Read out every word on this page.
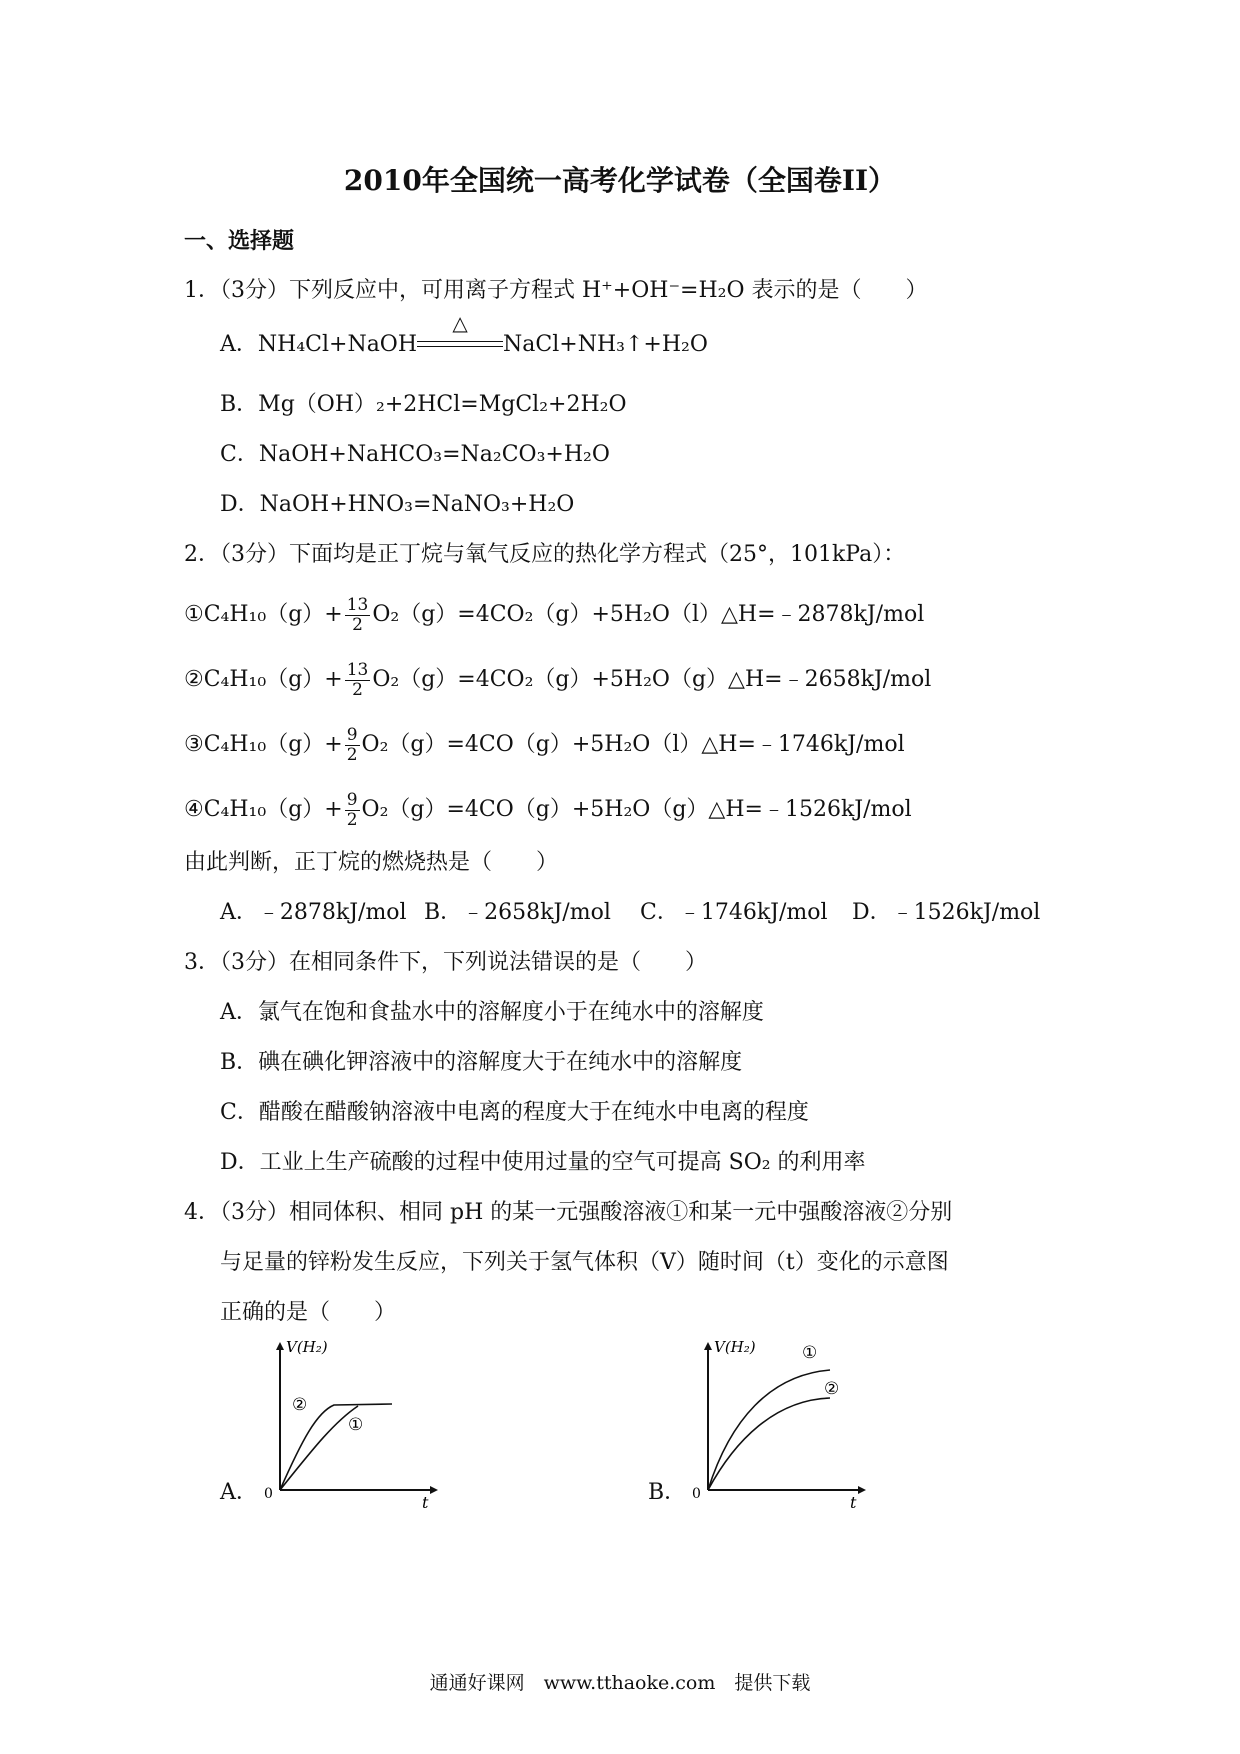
2010年全国统一高考化学试卷（全国卷II）
一、选择题
1．（3分）下列反应中，可用离子方程式 H⁺+OH⁻=H₂O 表示的是（　　）
A．NH₄Cl+NaOH
△
NaCl+NH₃↑+H₂O
B．Mg（OH）₂+2HCl=MgCl₂+2H₂O
C．NaOH+NaHCO₃=Na₂CO₃+H₂O
D．NaOH+HNO₃=NaNO₃+H₂O
2．（3分）下面均是正丁烷与氧气反应的热化学方程式（25°，101kPa）：
①C₄H₁₀（g）+ $\frac{13}{2}$ O₂（g）=4CO₂（g）+5H₂O（l）△H=﹣2878kJ/mol
②C₄H₁₀（g）+ $\frac{13}{2}$ O₂（g）=4CO₂（g）+5H₂O（g）△H=﹣2658kJ/mol
③C₄H₁₀（g）+ $\frac{9}{2}$ O₂（g）=4CO（g）+5H₂O（l）△H=﹣1746kJ/mol
④C₄H₁₀（g）+ $\frac{9}{2}$ O₂（g）=4CO（g）+5H₂O（g）△H=﹣1526kJ/mol
由此判断，正丁烷的燃烧热是（　　）
A．﹣2878kJ/mol B．﹣2658kJ/mol C．﹣1746kJ/mol D．﹣1526kJ/mol
3．（3分）在相同条件下，下列说法错误的是（　　）
A．氯气在饱和食盐水中的溶解度小于在纯水中的溶解度
B．碘在碘化钾溶液中的溶解度大于在纯水中的溶解度
C．醋酸在醋酸钠溶液中电离的程度大于在纯水中电离的程度
D．工业上生产硫酸的过程中使用过量的空气可提高 SO₂ 的利用率
4．（3分）相同体积、相同 pH 的某一元强酸溶液①和某一元中强酸溶液②分别
与足量的锌粉发生反应，下列关于氢气体积（V）随时间（t）变化的示意图
正确的是（　　）
A．
V(H₂)
t
0
②
①
B．
V(H₂)
t
0
①
②
通通好课网　www.tthaoke.com　提供下载
